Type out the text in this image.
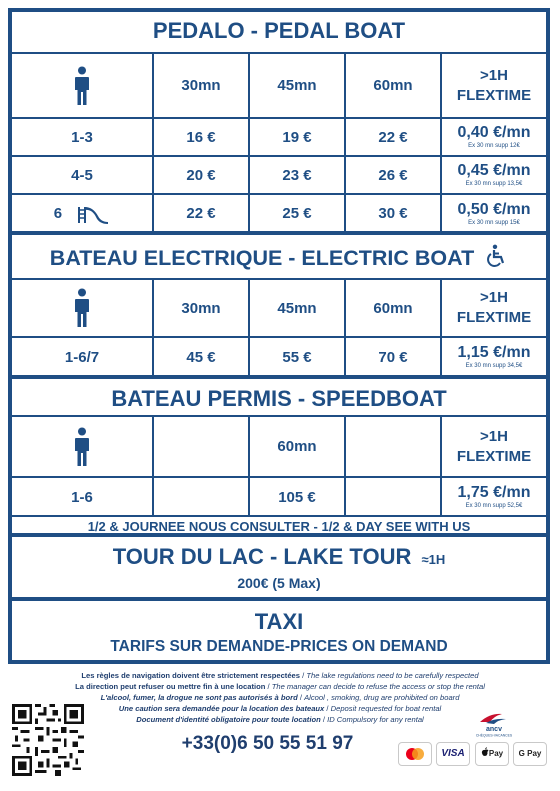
PEDALO - PEDAL BOAT
	30mn	45mn	60mn	>1H
FLEXTIME

1-3	16 €	19 €	22 €	0,40 €/mn
Ex 30 mn supp 12€

4-5	20 €	23 €	26 €	0,45 €/mn
Ex 30 mn supp 13,5€

6	22 €	25 €	30 €	0,50 €/mn
Ex 30 mn supp 15€
BATEAU ELECTRIQUE - ELECTRIC BOAT
	30mn	45mn	60mn	>1H
FLEXTIME

1-6/7	45 €	55 €	70 €	1,15 €/mn
Ex 30 mn supp 34,5€
BATEAU PERMIS - SPEEDBOAT
		60mn		>1H
FLEXTIME

1-6		105 €		1,75 €/mn
Ex 30 mn supp 52,5€
1/2 & JOURNEE NOUS CONSULTER - 1/2 & DAY SEE WITH US
TOUR DU LAC - LAKE TOUR ≈1H
200€ (5 Max)
TAXI
TARIFS SUR DEMANDE-PRICES ON DEMAND
Les règles de navigation doivent être strictement respectées / The lake regulations need to be carefully respected
La direction peut refuser ou mettre fin à une location / The manager can decide to refuse the access or stop the rental
L'alcool, fumer, la drogue ne sont pas autorisés à bord / Alcool , smoking, drug are prohibited on board
Une caution sera demandée pour la location des bateaux / Deposit requested for boat rental
Document d'identité obligatoire pour toute location / ID Compulsory for any rental
+33(0)6 50 55 51 97
ancv
CHÈQUES-VACANCES
VISA	Pay	G Pay
